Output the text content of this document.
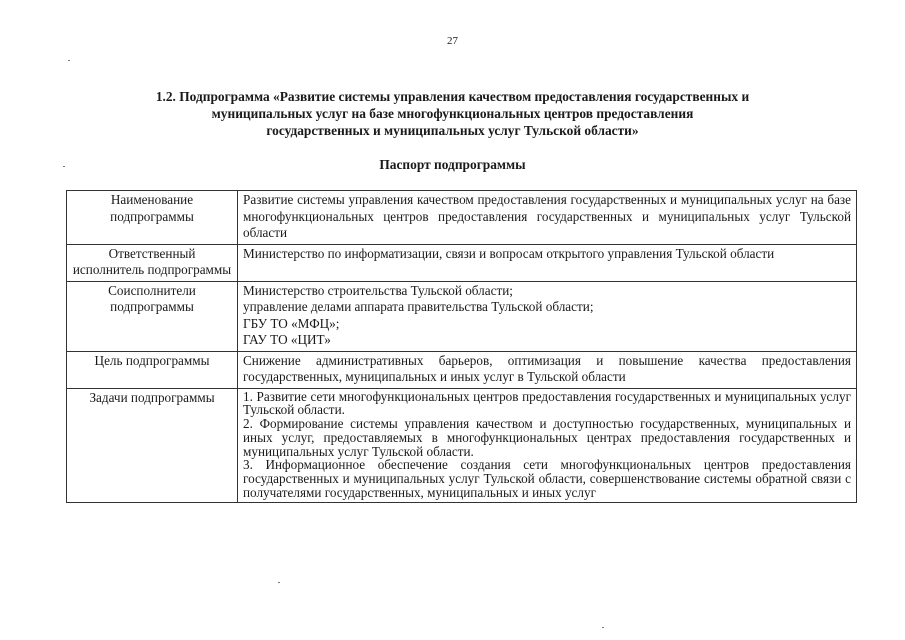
27
1.2. Подпрограмма «Развитие системы управления качеством предоставления государственных и
муниципальных услуг на базе многофункциональных центров предоставления
государственных и муниципальных услуг Тульской области»
Паспорт подпрограммы
Наименование подпрограммы	Развитие системы управления качеством предоставления государственных и муниципальных услуг на базе многофункциональных центров предоставления государственных и муниципальных услуг Тульской области
Ответственный исполнитель подпрограммы	Министерство по информатизации, связи и вопросам открытого управления Тульской области
Соисполнители подпрограммы	Министерство строительства Тульской области;
управление делами аппарата правительства Тульской области;
ГБУ ТО «МФЦ»;
ГАУ ТО «ЦИТ»

Цель подпрограммы	Снижение административных барьеров, оптимизация и повышение качества предоставления государственных, муниципальных и иных услуг в Тульской области
Задачи подпрограммы	1. Развитие сети многофункциональных центров предоставления государственных и муниципальных услуг Тульской области.
2. Формирование системы управления качеством и доступностью государственных, муниципальных и иных услуг, предоставляемых в многофункциональных центрах предоставления государственных и муниципальных услуг Тульской области.
3. Информационное обеспечение создания сети многофункциональных центров предоставления государственных и муниципальных услуг Тульской области, совершенствование системы обратной связи с получателями государственных, муниципальных и иных услуг
